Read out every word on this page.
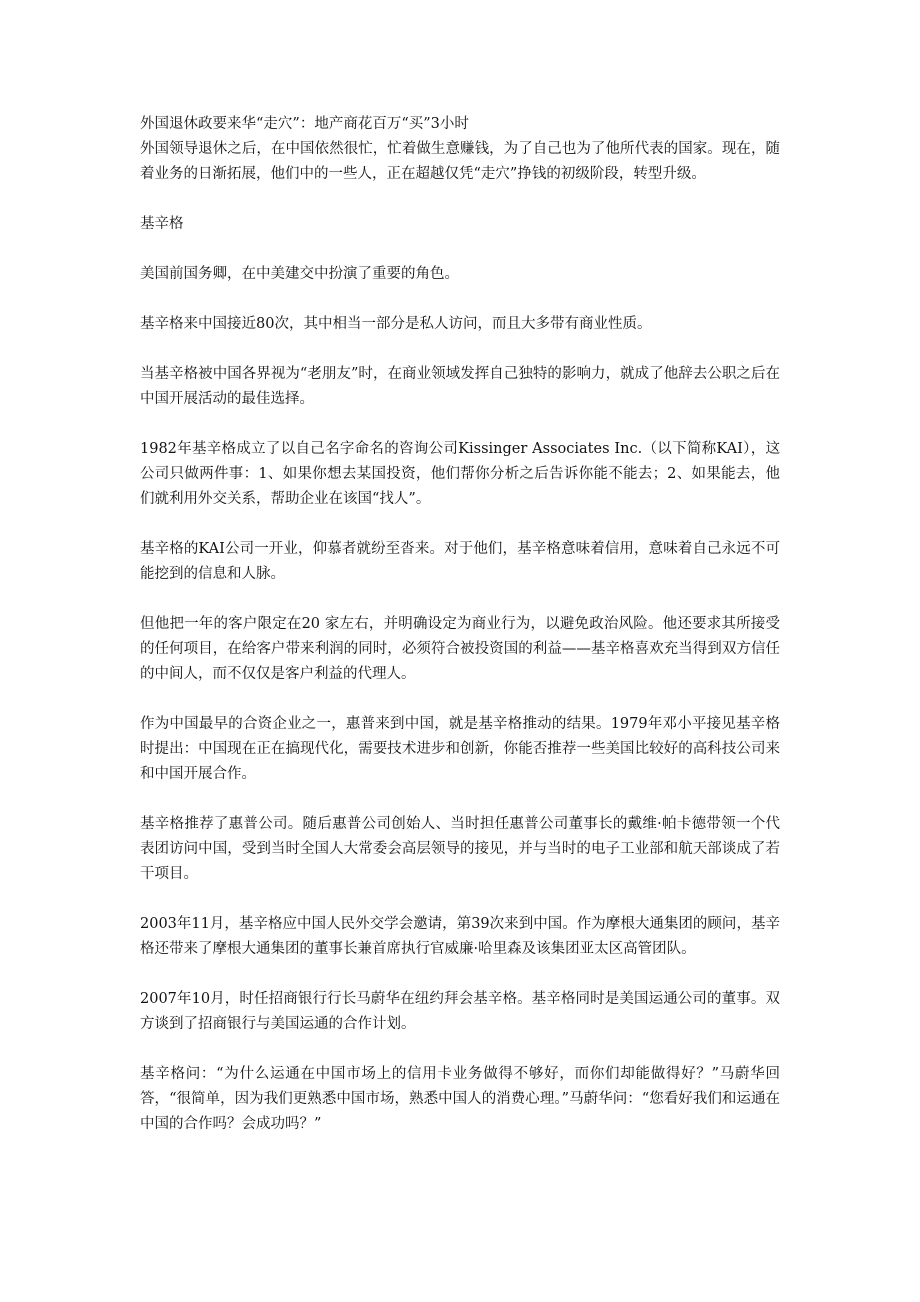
外国退休政要来华“走穴”：地产商花百万“买”3小时

外国领导退休之后，在中国依然很忙，忙着做生意赚钱，为了自己也为了他所代表的国家。现在，随着业务的日渐拓展，他们中的一些人，正在超越仅凭“走穴”挣钱的初级阶段，转型升级。

基辛格

美国前国务卿，在中美建交中扮演了重要的角色。

基辛格来中国接近80次，其中相当一部分是私人访问，而且大多带有商业性质。

当基辛格被中国各界视为“老朋友”时，在商业领域发挥自己独特的影响力，就成了他辞去公职之后在中国开展活动的最佳选择。

1982年基辛格成立了以自己名字命名的咨询公司Kissinger Associates Inc.（以下简称KAI），这公司只做两件事：1、如果你想去某国投资，他们帮你分析之后告诉你能不能去；2、如果能去，他们就利用外交关系，帮助企业在该国“找人”。

基辛格的KAI公司一开业，仰慕者就纷至沓来。对于他们，基辛格意味着信用，意味着自己永远不可能挖到的信息和人脉。

但他把一年的客户限定在20 家左右，并明确设定为商业行为，以避免政治风险。他还要求其所接受的任何项目，在给客户带来利润的同时，必须符合被投资国的利益——基辛格喜欢充当得到双方信任的中间人，而不仅仅是客户利益的代理人。

作为中国最早的合资企业之一，惠普来到中国，就是基辛格推动的结果。1979年邓小平接见基辛格时提出：中国现在正在搞现代化，需要技术进步和创新，你能否推荐一些美国比较好的高科技公司来和中国开展合作。

基辛格推荐了惠普公司。随后惠普公司创始人、当时担任惠普公司董事长的戴维·帕卡德带领一个代表团访问中国，受到当时全国人大常委会高层领导的接见，并与当时的电子工业部和航天部谈成了若干项目。

2003年11月，基辛格应中国人民外交学会邀请，第39次来到中国。作为摩根大通集团的顾问，基辛格还带来了摩根大通集团的董事长兼首席执行官威廉·哈里森及该集团亚太区高管团队。

2007年10月，时任招商银行行长马蔚华在纽约拜会基辛格。基辛格同时是美国运通公司的董事。双方谈到了招商银行与美国运通的合作计划。

基辛格问：“为什么运通在中国市场上的信用卡业务做得不够好，而你们却能做得好？”马蔚华回答，“很简单，因为我们更熟悉中国市场，熟悉中国人的消费心理。”马蔚华问：“您看好我们和运通在中国的合作吗？会成功吗？”
